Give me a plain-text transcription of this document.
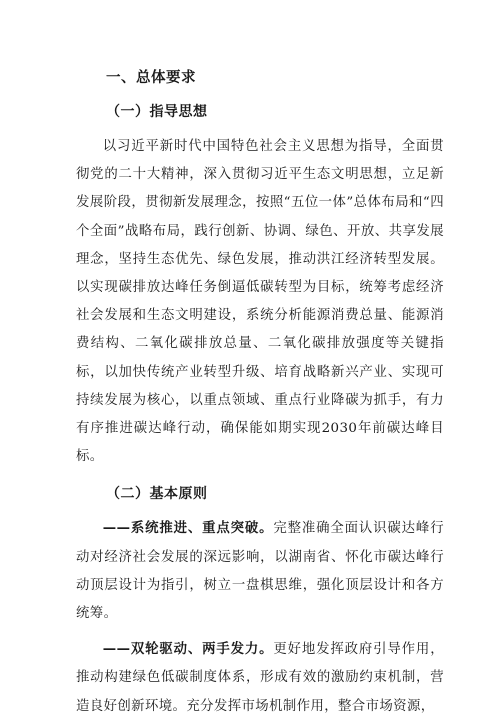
一、总体要求
（一）指导思想

以习近平新时代中国特色社会主义思想为指导，全面贯彻党的二十大精神，深入贯彻习近平生态文明思想，立足新发展阶段，贯彻新发展理念，按照“五位一体”总体布局和“四个全面”战略布局，践行创新、协调、绿色、开放、共享发展理念，坚持生态优先、绿色发展，推动洪江经济转型发展。以实现碳排放达峰任务倒逼低碳转型为目标，统筹考虑经济社会发展和生态文明建设，系统分析能源消费总量、能源消费结构、二氧化碳排放总量、二氧化碳排放强度等关键指标，以加快传统产业转型升级、培育战略新兴产业、实现可持续发展为核心，以重点领域、重点行业降碳为抓手，有力有序推进碳达峰行动，确保能如期实现2030年前碳达峰目标。

（二）基本原则

——系统推进、重点突破。完整准确全面认识碳达峰行动对经济社会发展的深远影响，以湖南省、怀化市碳达峰行动顶层设计为指引，树立一盘棋思维，强化顶层设计和各方统筹。

——双轮驱动、两手发力。更好地发挥政府引导作用，推动构建绿色低碳制度体系，形成有效的激励约束机制，营造良好创新环境。充分发挥市场机制作用，整合市场资源，
